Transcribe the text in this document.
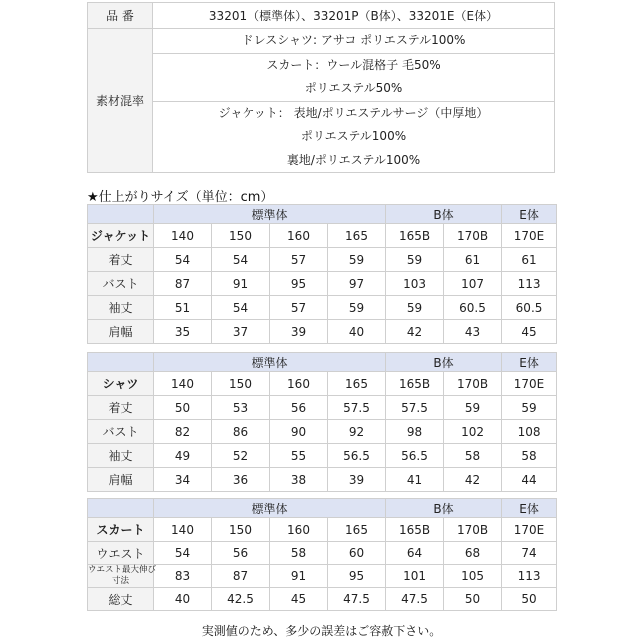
品 番	33201（標準体）、33201P（B体）、33201E（E体）
素材混率	ドレスシャツ: アサコ ポリエステル100%

	スカート：ウール混格子 毛50%
ポリエステル50%

	ジャケット： 表地/ポリエステルサージ（中厚地）
ポリエステル100%
裏地/ポリエステル100%
★仕上がりサイズ（単位：cm）
	標準体				B体		E体
ジャケット	140	150	160	165	165B	170B	170E
着丈	54	54	57	59	59	61	61
バスト	87	91	95	97	103	107	113
袖丈	51	54	57	59	59	60.5	60.5
肩幅	35	37	39	40	42	43	45
	標準体				B体		E体
シャツ	140	150	160	165	165B	170B	170E
着丈	50	53	56	57.5	57.5	59	59
バスト	82	86	90	92	98	102	108
袖丈	49	52	55	56.5	56.5	58	58
肩幅	34	36	38	39	41	42	44
	標準体				B体		E体
スカート	140	150	160	165	165B	170B	170E
ウエスト	54	56	58	60	64	68	74

ウエスト最大伸び
寸法	83	87	91	95	101	105	113
総丈	40	42.5	45	47.5	47.5	50	50
実測値のため、多少の誤差はご容赦下さい。
